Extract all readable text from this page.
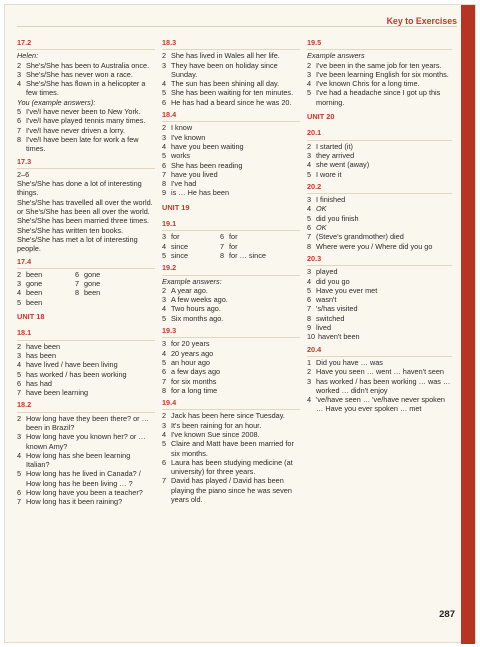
Key to Exercises
17.2
Helen:
2 She's/She has been to Australia once.
3 She's/She has never won a race.
4 She's/She has flown in a helicopter a few times.
You (example answers):
5 I've/I have never been to New York.
6 I've/I have played tennis many times.
7 I've/I have never driven a lorry.
8 I've/I have been late for work a few times.
17.3
2–6
She's/She has done a lot of interesting things.
She's/She has travelled all over the world. or She's/She has been all over the world.
She's/She has been married three times.
She's/She has written ten books.
She's/She has met a lot of interesting people.
17.4
2 been	6 gone
3 gone	7 gone
4 been	8 been
5 been
UNIT 18
18.1
2 have been
3 has been
4 have lived / have been living
5 has worked / has been working
6 has had
7 have been learning
18.2
2 How long have they been there? or … been in Brazil?
3 How long have you known her? or … known Amy?
4 How long has she been learning Italian?
5 How long has he lived in Canada? / How long has he been living … ?
6 How long have you been a teacher?
7 How long has it been raining?
18.3
2 She has lived in Wales all her life.
3 They have been on holiday since Sunday.
4 The sun has been shining all day.
5 She has been waiting for ten minutes.
6 He has had a beard since he was 20.
18.4
2 I know
3 I've known
4 have you been waiting
5 works
6 She has been reading
7 have you lived
8 I've had
9 is … He has been
UNIT 19
19.1
3 for	6 for
4 since	7 for
5 since	8 for … since
19.2
Example answers:
2 A year ago.
3 A few weeks ago.
4 Two hours ago.
5 Six months ago.
19.3
3 for 20 years
4 20 years ago
5 an hour ago
6 a few days ago
7 for six months
8 for a long time
19.4
2 Jack has been here since Tuesday.
3 It's been raining for an hour.
4 I've known Sue since 2008.
5 Claire and Matt have been married for six months.
6 Laura has been studying medicine (at university) for three years.
7 David has played / David has been playing the piano since he was seven years old.
19.5
Example answers
2 I've been in the same job for ten years.
3 I've been learning English for six months.
4 I've known Chris for a long time.
5 I've had a headache since I got up this morning.
UNIT 20
20.1
2 I started (it)
3 they arrived
4 she went (away)
5 I wore it
20.2
3 I finished
4 OK
5 did you finish
6 OK
7 (Steve's grandmother) died
8 Where were you / Where did you go
20.3
3 played
4 did you go
5 Have you ever met
6 wasn't
7 's/has visited
8 switched
9 lived
10 haven't been
20.4
1 Did you have … was
2 Have you seen … went … haven't seen
3 has worked / has been working … was … worked … didn't enjoy
4 've/have seen … 've/have never spoken … Have you ever spoken … met
287
